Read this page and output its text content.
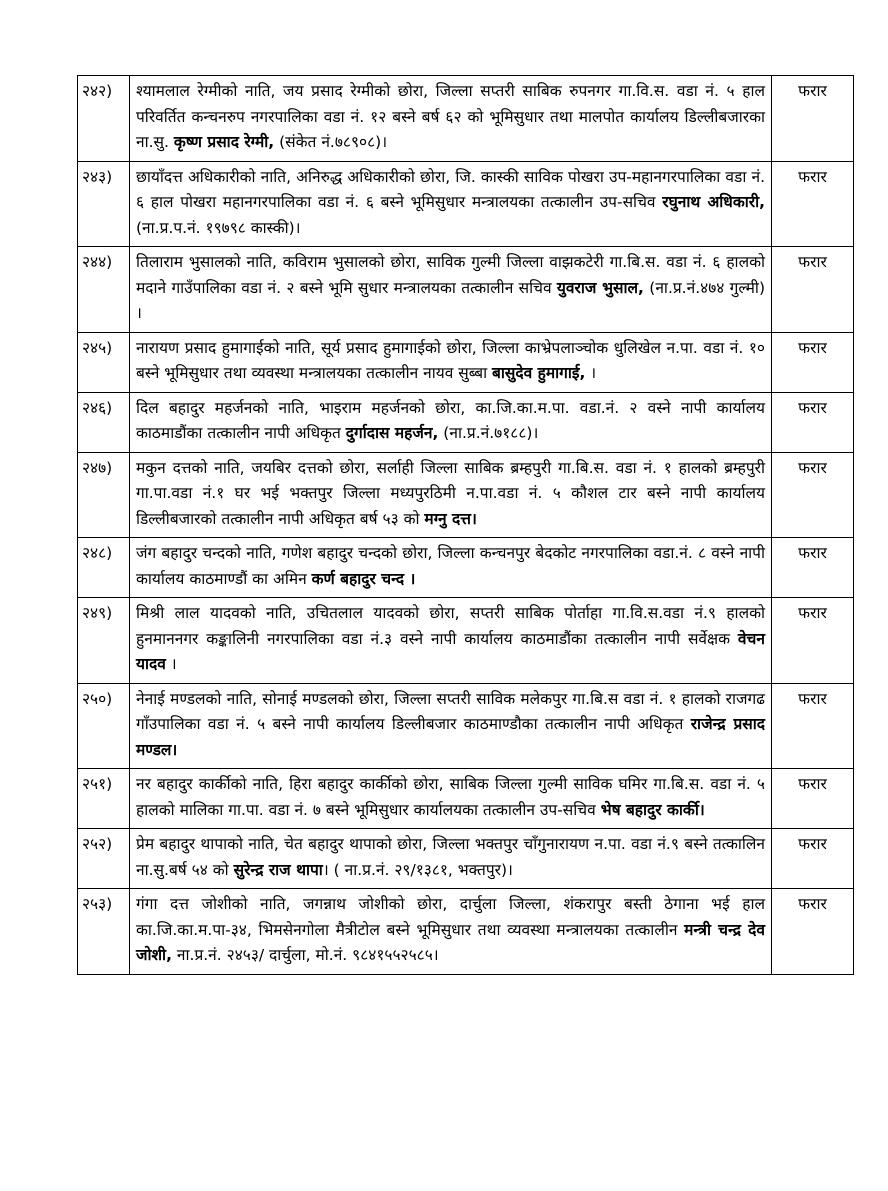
२४२)	श्यामलाल रेग्मीको नाति, जय प्रसाद रेग्मीको छोरा, जिल्ला सप्तरी साबिक रुपनगर गा.वि.स. वडा नं. ५ हाल परिवर्तित कन्चनरुप नगरपालिका वडा नं. १२ बस्ने बर्ष ६२ को भूमिसुधार तथा मालपोत कार्यालय डिल्लीबजारका ना.सु. कृष्ण प्रसाद रेग्मी, (संकेत नं.७८९०८)।	फरार
२४३)	छायाँदत्त अधिकारीको नाति, अनिरुद्ध अधिकारीको छोरा, जि. कास्की साविक पोखरा उप-महानगरपालिका वडा नं. ६ हाल पोखरा महानगरपालिका वडा नं. ६ बस्ने भूमिसुधार मन्त्रालयका तत्कालीन उप-सचिव रघुनाथ अधिकारी, (ना.प्र.प.नं. १९७९८ कास्की)।	फरार
२४४)	तिलाराम भुसालको नाति, कविराम भुसालको छोरा, साविक गुल्मी जिल्ला वाझकटेरी गा.बि.स. वडा नं. ६ हालको मदाने गाउँपालिका वडा नं. २ बस्ने भूमि सुधार मन्त्रालयका तत्कालीन सचिव युवराज भुसाल, (ना.प्र.नं.४७४ गुल्मी) ।	फरार
२४५)	नारायण प्रसाद हुमागाईको नाति, सूर्य प्रसाद हुमागाईको छोरा, जिल्ला काभ्रेपलाञ्चोक धुलिखेल न.पा. वडा नं. १० बस्ने भूमिसुधार तथा व्यवस्था मन्त्रालयका तत्कालीन नायव सुब्बा बासुदेव हुमागाई, ।	फरार
२४६)	दिल बहादुर महर्जनको नाति, भाइराम महर्जनको छोरा, का.जि.का.म.पा. वडा.नं. २ वस्ने नापी कार्यालय काठमाडौंका तत्कालीन नापी अधिकृत दुर्गादास महर्जन, (ना.प्र.नं.७१८८)।	फरार
२४७)	मकुन दत्तको नाति, जयबिर दत्तको छोरा, सर्लाही जिल्ला साबिक ब्रम्हपुरी गा.बि.स. वडा नं. १ हालको ब्रम्हपुरी गा.पा.वडा नं.१ घर भई भक्तपुर जिल्ला मध्यपुरठिमी न.पा.वडा नं. ५ कौशल टार बस्ने नापी कार्यालय डिल्लीबजारको तत्कालीन नापी अधिकृत बर्ष ५३ को मग्नु दत्त।	फरार
२४८)	जंग बहादुर चन्दको नाति, गणेश बहादुर चन्दको छोरा, जिल्ला कन्चनपुर बेदकोट नगरपालिका वडा.नं. ८ वस्ने नापी कार्यालय काठमाण्डौं का अमिन कर्ण बहादुर चन्द ।	फरार
२४९)	मिश्री लाल यादवको नाति, उचितलाल यादवको छोरा, सप्तरी साबिक पोर्ताहा गा.वि.स.वडा नं.९ हालको हुनमाननगर कङ्कालिनी नगरपालिका वडा नं.३ वस्ने नापी कार्यालय काठमाडौंका तत्कालीन नापी सर्वेक्षक वेचन यादव ।	फरार
२५०)	नेनाई मण्डलको नाति, सोनाई मण्डलको छोरा, जिल्ला सप्तरी साविक मलेकपुर गा.बि.स वडा नं. १ हालको राजगढ गाँउपालिका वडा नं. ५ बस्ने नापी कार्यालय डिल्लीबजार काठमाण्डौका तत्कालीन नापी अधिकृत राजेन्द्र प्रसाद मण्डल।	फरार
२५१)	नर बहादुर कार्कीको नाति, हिरा बहादुर कार्कीको छोरा, साबिक जिल्ला गुल्मी साविक घमिर गा.बि.स. वडा नं. ५ हालको मालिका गा.पा. वडा नं. ७ बस्ने भूमिसुधार कार्यालयका तत्कालीन उप-सचिव भेष बहादुर कार्की।	फरार
२५२)	प्रेम बहादुर थापाको नाति, चेत बहादुर थापाको छोरा, जिल्ला भक्तपुर चाँगुनारायण न.पा. वडा नं.९ बस्ने तत्कालिन ना.सु.बर्ष ५४ को सुरेन्द्र राज थापा। ( ना.प्र.नं. २९/१३८१, भक्तपुर)।	फरार
२५३)	गंगा दत्त जोशीको नाति, जगन्नाथ जोशीको छोरा, दार्चुला जिल्ला, शंकरापुर बस्ती ठेगाना भई हाल का.जि.का.म.पा-३४, भिमसेनगोला मैत्रीटोल बस्ने भूमिसुधार तथा व्यवस्था मन्त्रालयका तत्कालीन मन्त्री चन्द्र देव जोशी, ना.प्र.नं. २४५३/ दार्चुला, मो.नं. ९८४१५५२५८५।	फरार
